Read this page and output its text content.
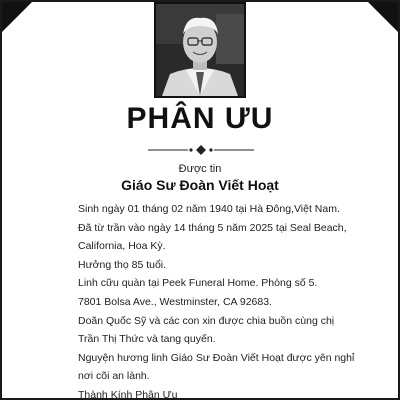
PHÂN ƯU
Được tin
Giáo Sư Đoàn Viết Hoạt
Sinh ngày 01 tháng 02 năm 1940 tại Hà Đông,Việt Nam.
Đã từ trần vào ngày 14 tháng 5 năm 2025 tại Seal Beach,
California, Hoa Kỳ.
Hưởng thọ 85 tuổi.
Linh cữu quàn tại Peek Funeral Home. Phòng số 5.
7801 Bolsa Ave., Westminster, CA 92683.
Doãn Quốc Sỹ và các con xin được chia buồn cùng chị
Trần Thị Thức và tang quyến.
Nguyện hương linh Giáo Sư Đoàn Viết Hoạt được yên nghỉ
nơi cõi an lành.
Thành Kính Phân Ưu
